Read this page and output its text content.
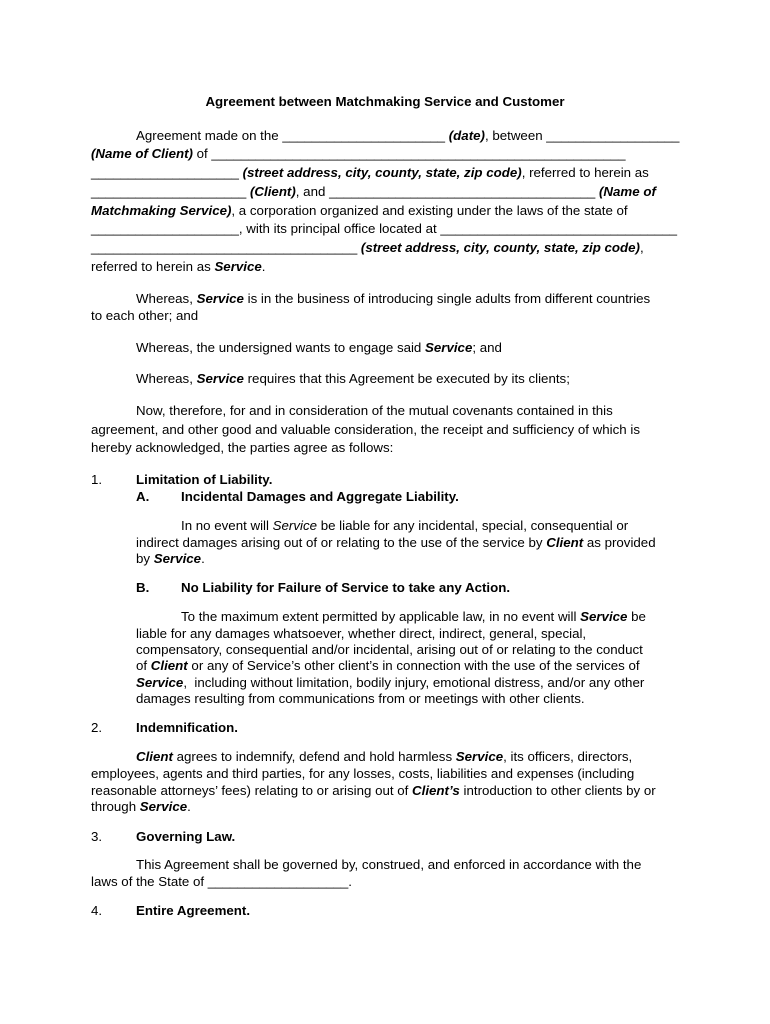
Agreement between Matchmaking Service and Customer
Agreement made on the ______________________ (date), between __________________
(Name of Client) of ________________________________________________________
____________________ (street address, city, county, state, zip code), referred to herein as
_____________________ (Client), and ____________________________________ (Name of
Matchmaking Service), a corporation organized and existing under the laws of the state of
____________________, with its principal office located at ________________________________
____________________________________ (street address, city, county, state, zip code),
referred to herein as Service.
Whereas, Service is in the business of introducing single adults from different countries
to each other; and
Whereas, the undersigned wants to engage said Service; and
Whereas, Service requires that this Agreement be executed by its clients;
Now, therefore, for and in consideration of the mutual covenants contained in this
agreement, and other good and valuable consideration, the receipt and sufficiency of which is
hereby acknowledged, the parties agree as follows:
1.	Limitation of Liability.
A. Incidental Damages and Aggregate Liability.
In no event will Service be liable for any incidental, special, consequential or
indirect damages arising out of or relating to the use of the service by Client as provided
by Service.
B. No Liability for Failure of Service to take any Action.
To the maximum extent permitted by applicable law, in no event will Service be
liable for any damages whatsoever, whether direct, indirect, general, special,
compensatory, consequential and/or incidental, arising out of or relating to the conduct
of Client or any of Service’s other client’s in connection with the use of the services of
Service,  including without limitation, bodily injury, emotional distress, and/or any other
damages resulting from communications from or meetings with other clients.
2.	Indemnification.
Client agrees to indemnify, defend and hold harmless Service, its officers, directors,
employees, agents and third parties, for any losses, costs, liabilities and expenses (including
reasonable attorneys’ fees) relating to or arising out of Client’s introduction to other clients by or
through Service.
3.	Governing Law.
This Agreement shall be governed by, construed, and enforced in accordance with the
laws of the State of ___________________.
4.	Entire Agreement.
